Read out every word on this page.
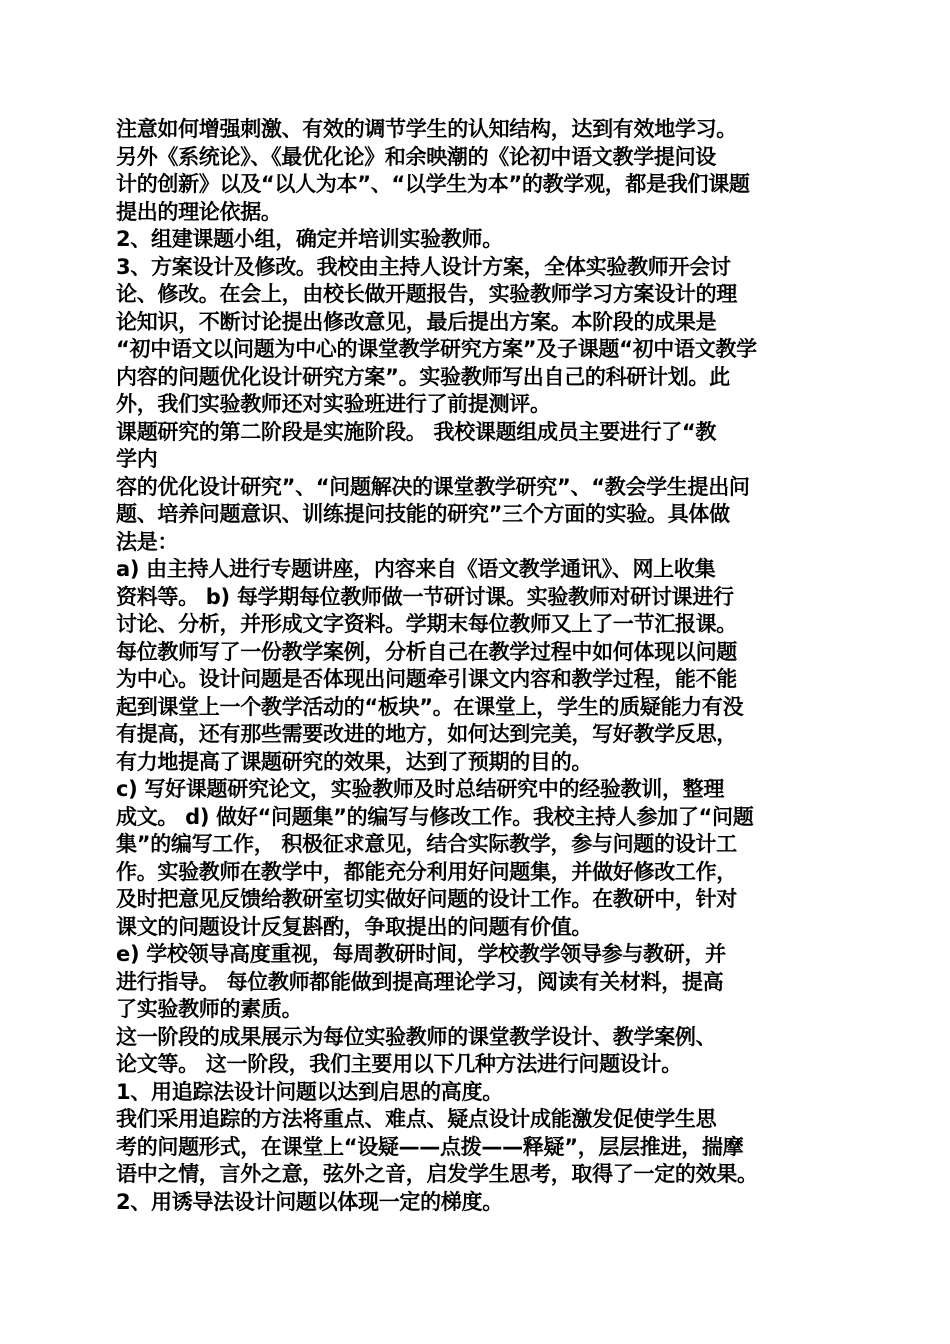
注意如何增强刺激、有效的调节学生的认知结构，达到有效地学习。
另外《系统论》、《最优化论》和余映潮的《论初中语文教学提问设
计的创新》以及“以人为本”、“以学生为本”的教学观，都是我们课题
提出的理论依据。
2、组建课题小组，确定并培训实验教师。
3、方案设计及修改。我校由主持人设计方案，全体实验教师开会讨
论、修改。在会上，由校长做开题报告，实验教师学习方案设计的理
论知识，不断讨论提出修改意见，最后提出方案。本阶段的成果是
“初中语文以问题为中心的课堂教学研究方案”及子课题“初中语文教学
内容的问题优化设计研究方案”。实验教师写出自己的科研计划。此
外，我们实验教师还对实验班进行了前提测评。
课题研究的第二阶段是实施阶段。 我校课题组成员主要进行了“教
学内
容的优化设计研究”、“问题解决的课堂教学研究”、“教会学生提出问
题、培养问题意识、训练提问技能的研究”三个方面的实验。具体做
法是：
a) 由主持人进行专题讲座，内容来自《语文教学通讯》、网上收集
资料等。 b) 每学期每位教师做一节研讨课。实验教师对研讨课进行
讨论、分析，并形成文字资料。学期末每位教师又上了一节汇报课。
每位教师写了一份教学案例，分析自己在教学过程中如何体现以问题
为中心。设计问题是否体现出问题牵引课文内容和教学过程，能不能
起到课堂上一个教学活动的“板块”。在课堂上，学生的质疑能力有没
有提高，还有那些需要改进的地方，如何达到完美，写好教学反思，
有力地提高了课题研究的效果，达到了预期的目的。
c) 写好课题研究论文，实验教师及时总结研究中的经验教训，整理
成文。 d) 做好“问题集”的编写与修改工作。我校主持人参加了“问题
集”的编写工作， 积极征求意见，结合实际教学，参与问题的设计工
作。实验教师在教学中，都能充分利用好问题集，并做好修改工作，
及时把意见反馈给教研室切实做好问题的设计工作。在教研中，针对
课文的问题设计反复斟酌，争取提出的问题有价值。
e) 学校领导高度重视，每周教研时间，学校教学领导参与教研，并
进行指导。 每位教师都能做到提高理论学习，阅读有关材料，提高
了实验教师的素质。
这一阶段的成果展示为每位实验教师的课堂教学设计、教学案例、
论文等。 这一阶段，我们主要用以下几种方法进行问题设计。
1、用追踪法设计问题以达到启思的高度。
我们采用追踪的方法将重点、难点、疑点设计成能激发促使学生思
考的问题形式，在课堂上“设疑——点拨——释疑”，层层推进，揣摩
语中之情，言外之意，弦外之音，启发学生思考，取得了一定的效果。
2、用诱导法设计问题以体现一定的梯度。
